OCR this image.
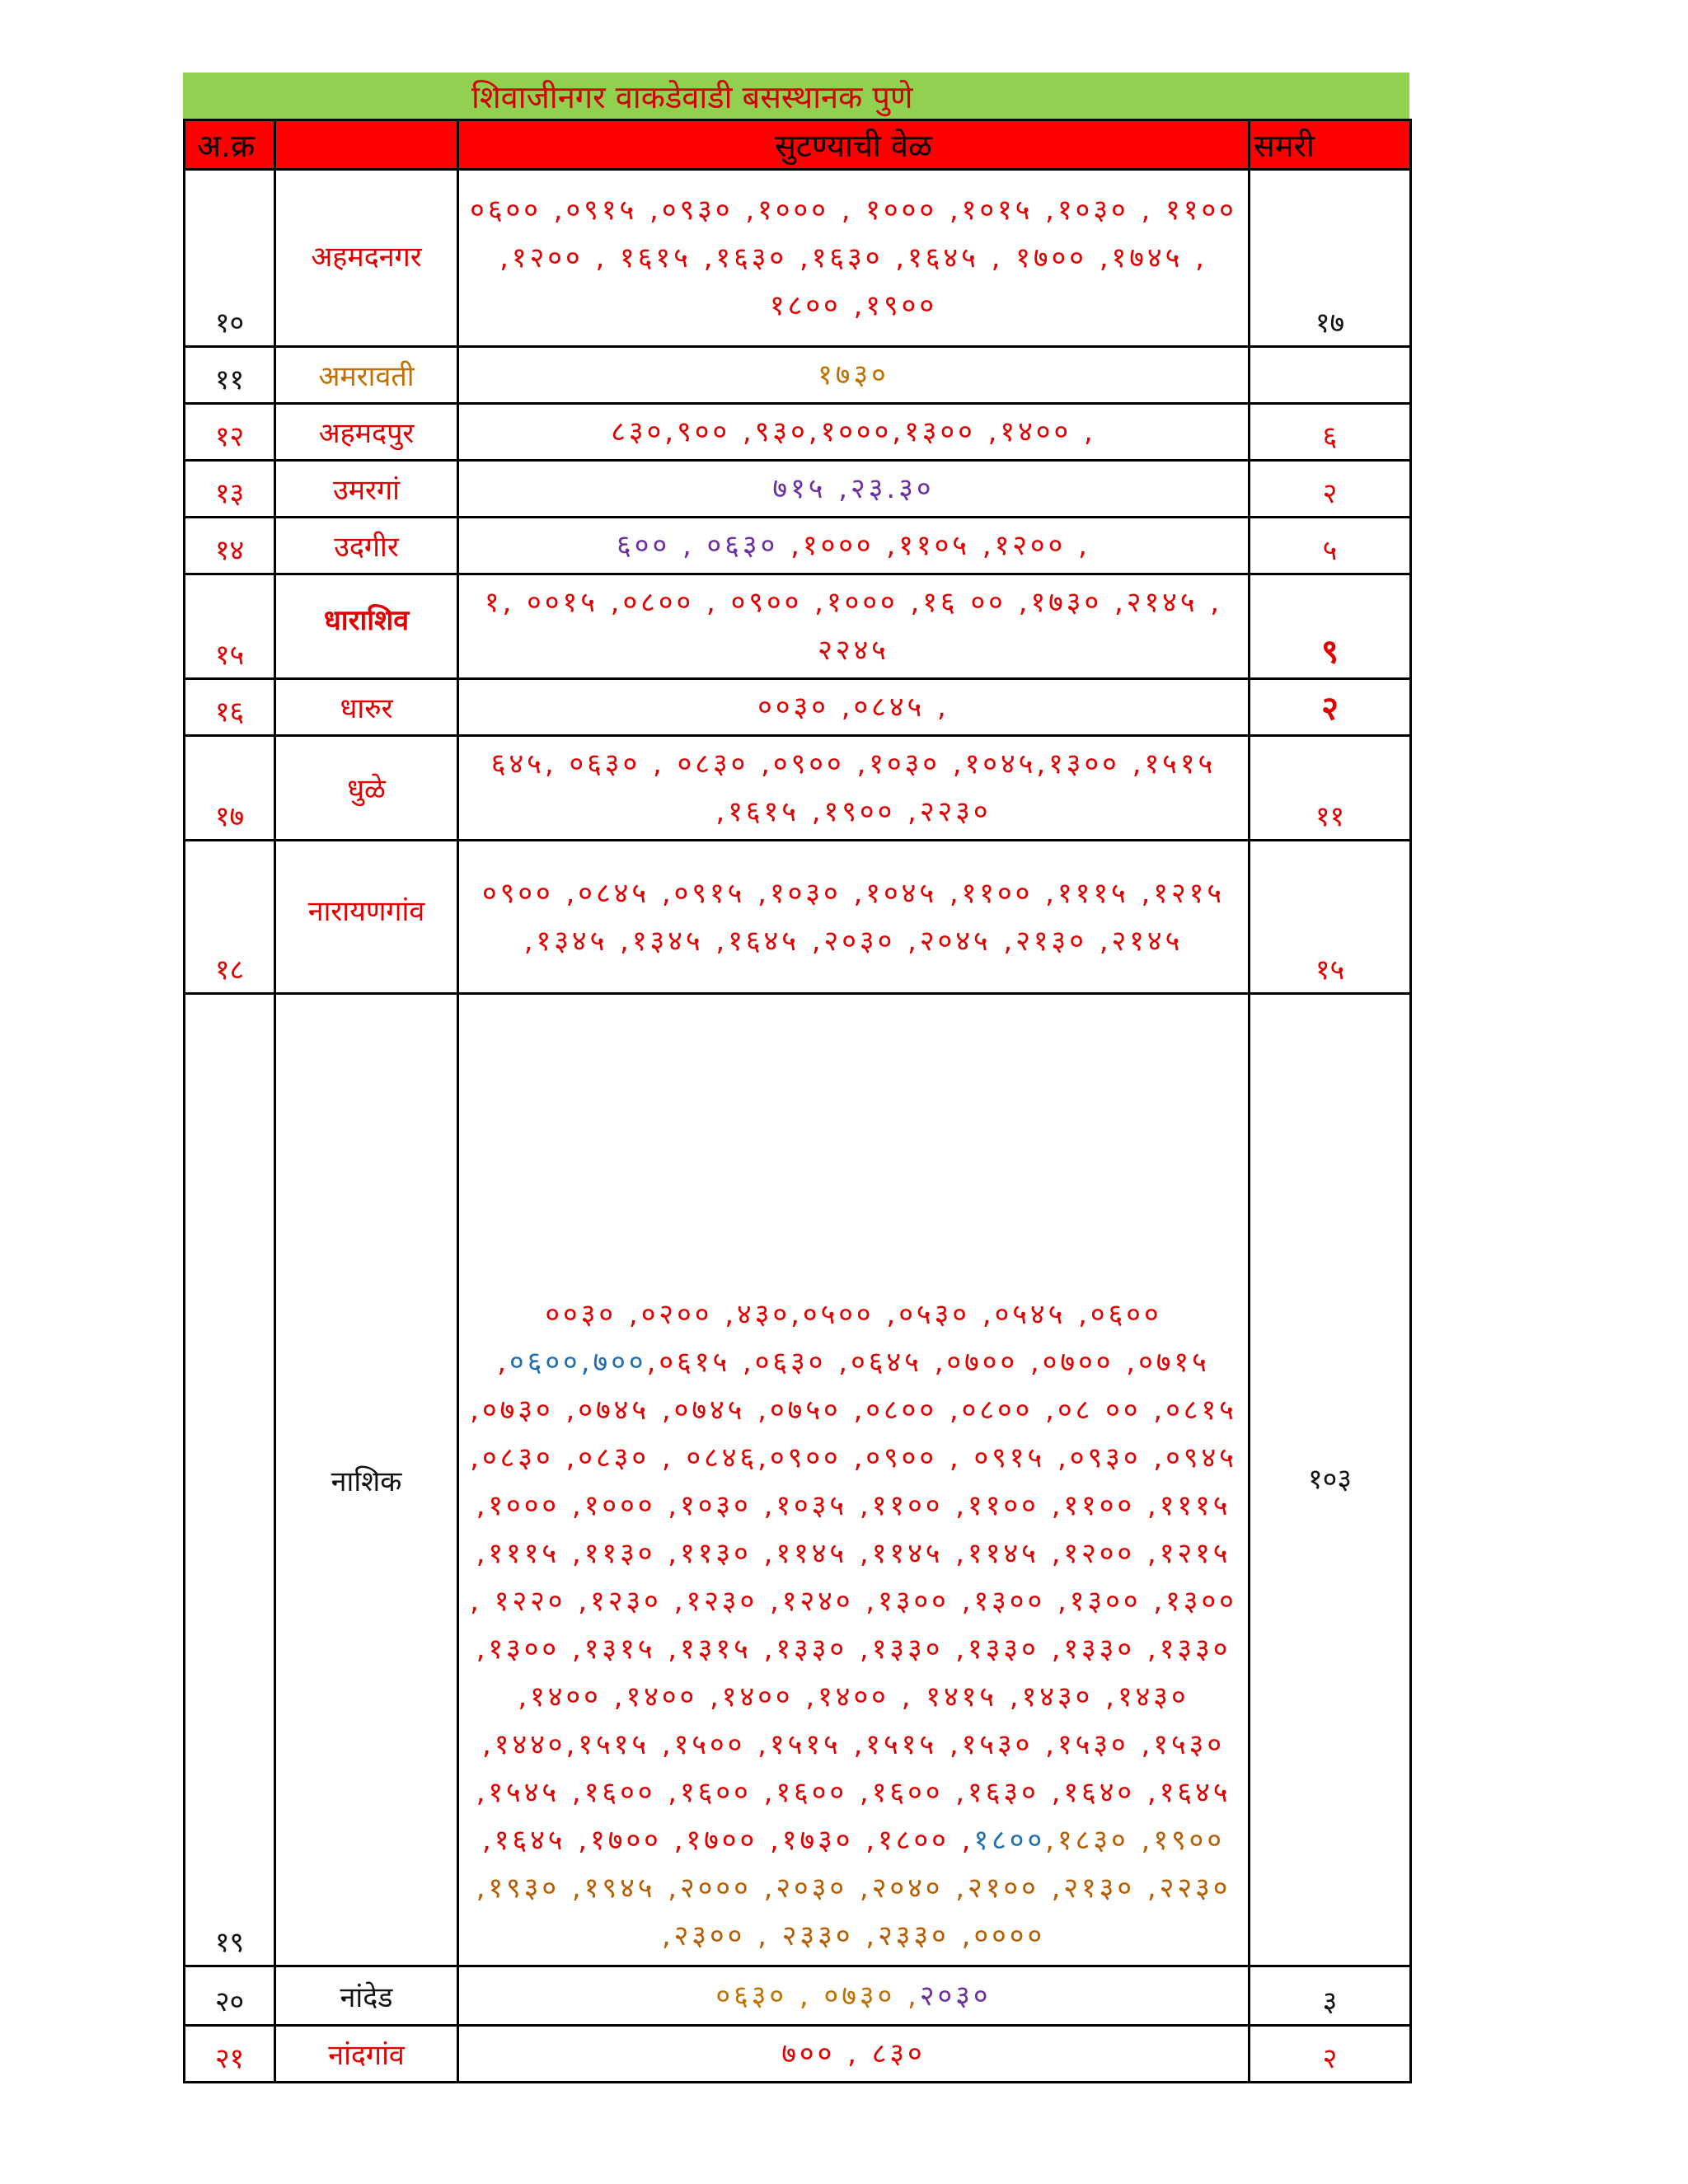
शिवाजीनगर वाकडेवाडी बसस्थानक पुणे
अ.क्र		सुटण्याची वेळ	समरी
१०	अहमदनगर	०६०० ,०९१५ ,०९३० ,१००० , १००० ,१०१५ ,१०३० , ११०० ,१२०० , १६१५ ,१६३० ,१६३० ,१६४५ , १७०० ,१७४५ , १८०० ,१९००	१७
११	अमरावती	१७३०	
१२	अहमदपुर	८३०,९०० ,९३०,१०००,१३०० ,१४०० ,	६
१३	उमरगां	७१५ ,२३.३०	२
१४	उदगीर	६०० , ०६३० ,१००० ,११०५ ,१२०० ,	५
१५	धाराशिव	१, ००१५ ,०८०० , ०९०० ,१००० ,१६ ०० ,१७३० ,२१४५ , २२४५	९
१६	धारुर	००३० ,०८४५ ,	२
१७	धुळे	६४५, ०६३० , ०८३० ,०९०० ,१०३० ,१०४५,१३०० ,१५१५ ,१६१५ ,१९०० ,२२३०	११
१८	नारायणगांव	०९०० ,०८४५ ,०९१५ ,१०३० ,१०४५ ,११०० ,१११५ ,१२१५ ,१३४५ ,१३४५ ,१६४५ ,२०३० ,२०४५ ,२१३० ,२१४५	१५
१९	नाशिक	००३० ,०२०० ,४३०,०५०० ,०५३० ,०५४५ ,०६०० ,०६००,७००,०६१५ ,०६३० ,०६४५ ,०७०० ,०७०० ,०७१५ ,०७३० ,०७४५ ,०७४५ ,०७५० ,०८०० ,०८०० ,०८ ०० ,०८१५ ,०८३० ,०८३० , ०८४६,०९०० ,०९०० , ०९१५ ,०९३० ,०९४५ ,१००० ,१००० ,१०३० ,१०३५ ,११०० ,११०० ,११०० ,१११५ ,१११५ ,११३० ,११३० ,११४५ ,११४५ ,११४५ ,१२०० ,१२१५ , १२२० ,१२३० ,१२३० ,१२४० ,१३०० ,१३०० ,१३०० ,१३०० ,१३०० ,१३१५ ,१३१५ ,१३३० ,१३३० ,१३३० ,१३३० ,१३३० ,१४०० ,१४०० ,१४०० ,१४०० , १४१५ ,१४३० ,१४३० ,१४४०,१५१५ ,१५०० ,१५१५ ,१५१५ ,१५३० ,१५३० ,१५३० ,१५४५ ,१६०० ,१६०० ,१६०० ,१६०० ,१६३० ,१६४० ,१६४५ ,१६४५ ,१७०० ,१७०० ,१७३० ,१८०० ,१८००,१८३० ,१९०० ,१९३० ,१९४५ ,२००० ,२०३० ,२०४० ,२१०० ,२१३० ,२२३० ,२३०० , २३३० ,२३३० ,००००	१०३
२०	नांदेड	०६३० , ०७३० ,२०३०	३
२१	नांदगांव	७०० , ८३०	२
